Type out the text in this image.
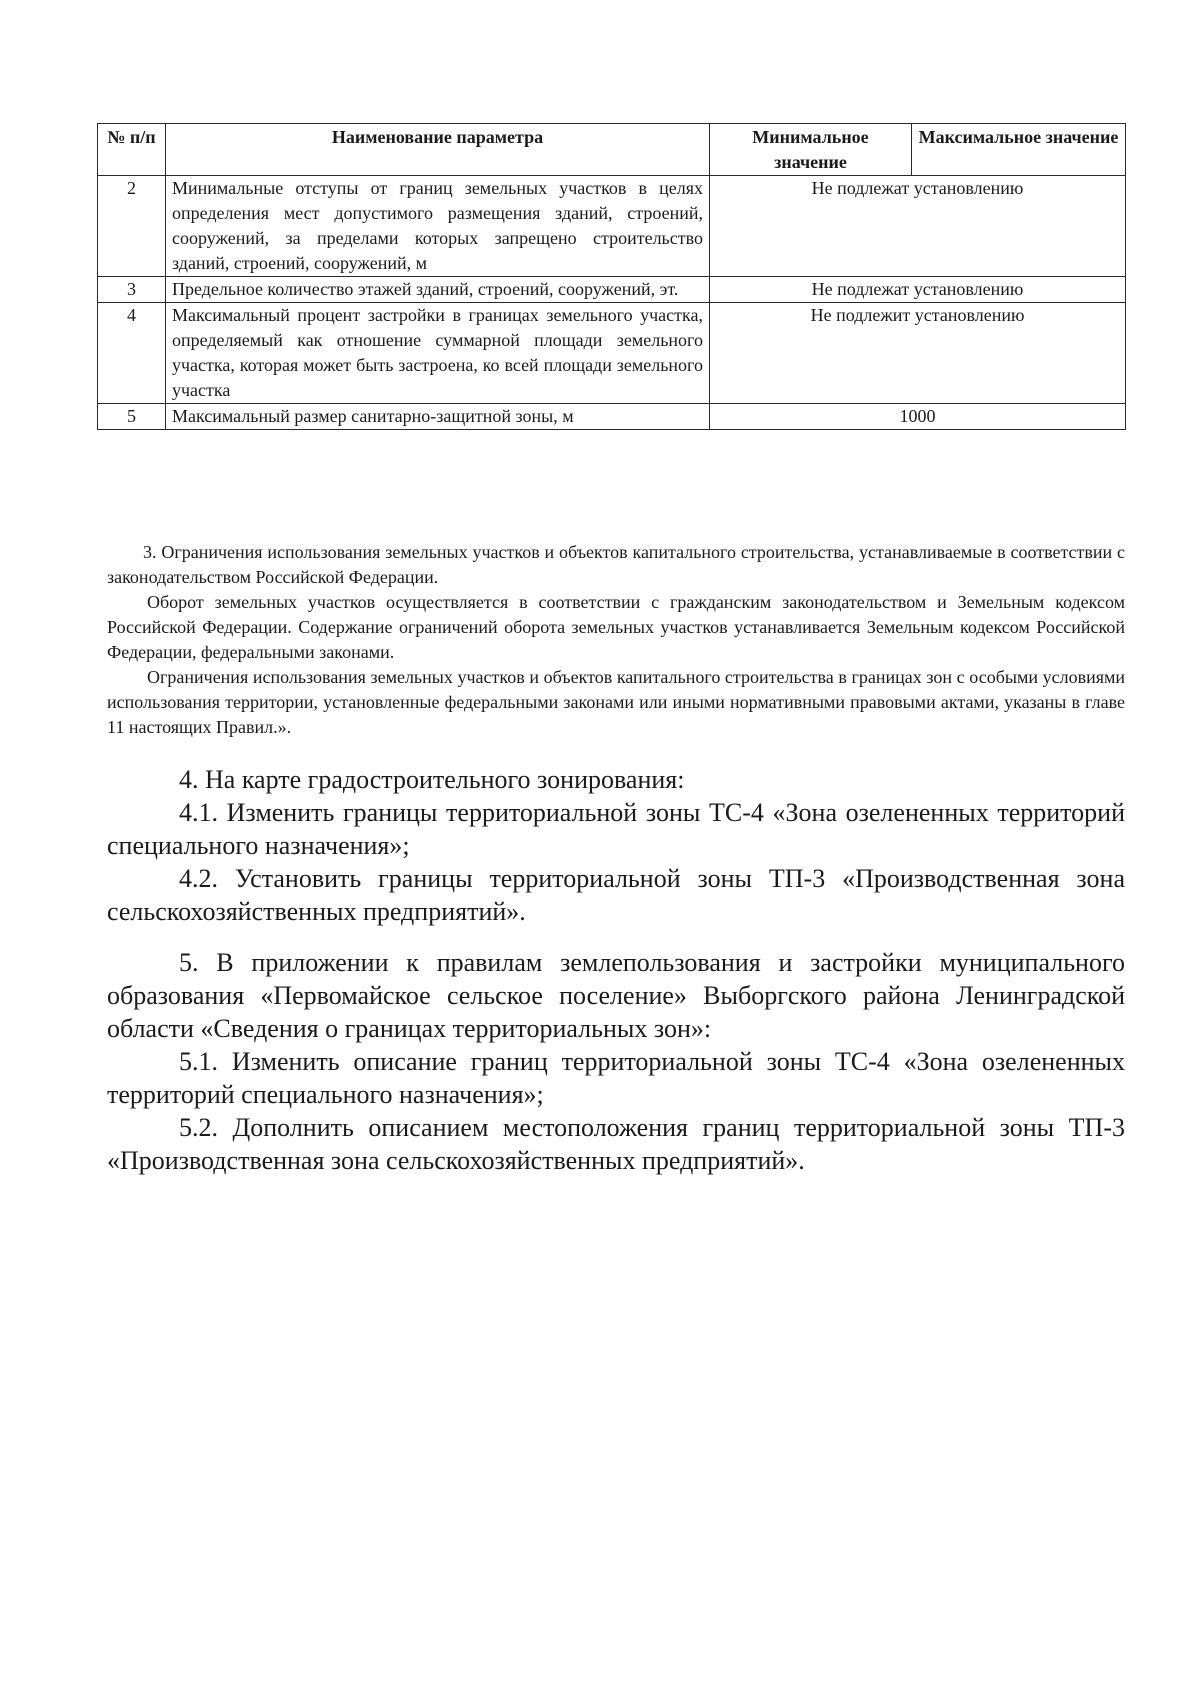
№ п/п	Наименование параметра	Минимальное значение	Максимальное значение
2	Минимальные отступы от границ земельных участков в целях определения мест допустимого размещения зданий, строений, сооружений, за пределами которых запрещено строительство зданий, строений, сооружений, м	Не подлежат установлению	
3	Предельное количество этажей зданий, строений, сооружений, эт.	Не подлежат установлению	
4	Максимальный процент застройки в границах земельного участка, определяемый как отношение суммарной площади земельного участка, которая может быть застроена, ко всей площади земельного участка	Не подлежит установлению	
5	Максимальный размер санитарно-защитной зоны, м	1000	

3. Ограничения использования земельных участков и объектов капитального строительства, устанавливаемые в соответствии с законодательством Российской Федерации.

Оборот земельных участков осуществляется в соответствии с гражданским законодательством и Земельным кодексом Российской Федерации. Содержание ограничений оборота земельных участков устанавливается Земельным кодексом Российской Федерации, федеральными законами.

Ограничения использования земельных участков и объектов капитального строительства в границах зон с особыми условиями использования территории, установленные федеральными законами или иными нормативными правовыми актами, указаны в главе 11 настоящих Правил.».

4. На карте градостроительного зонирования:

4.1. Изменить границы территориальной зоны ТС-4 «Зона озелененных территорий специального назначения»;

4.2. Установить границы территориальной зоны ТП-3 «Производственная зона сельскохозяйственных предприятий».

5. В приложении к правилам землепользования и застройки муниципального образования «Первомайское сельское поселение» Выборгского района Ленинградской области «Сведения о границах территориальных зон»:

5.1. Изменить описание границ территориальной зоны ТС-4 «Зона озелененных территорий специального назначения»;

5.2. Дополнить описанием местоположения границ территориальной зоны ТП-3 «Производственная зона сельскохозяйственных предприятий».
